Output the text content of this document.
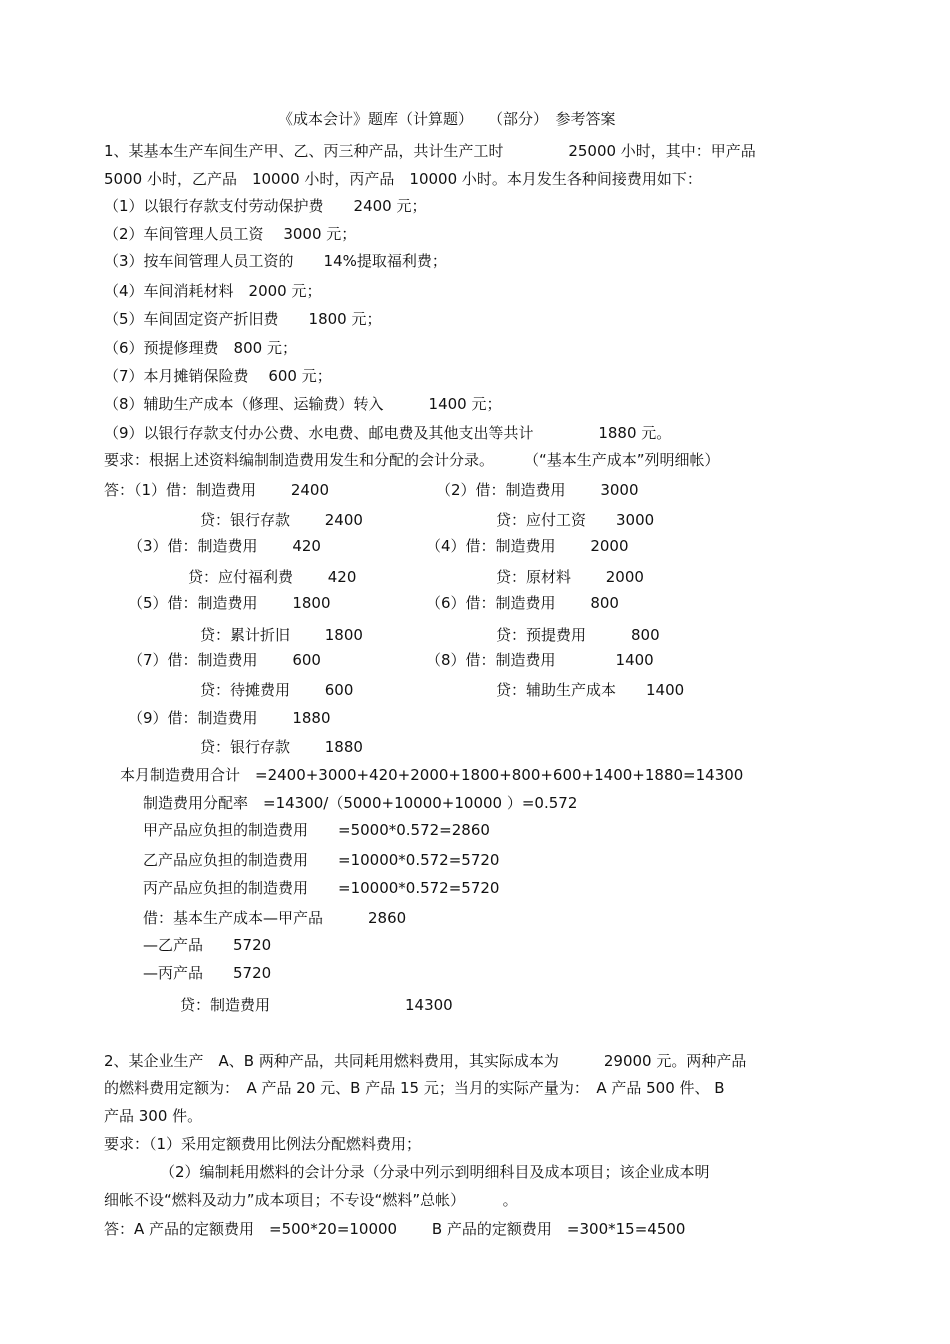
《成本会计》题库（计算题）　　（部分）　参考答案
1、某基本生产车间生产甲、乙、丙三种产品，共计生产工时　　　　 25000 小时，其中：甲产品
5000 小时，乙产品　10000 小时，丙产品　10000 小时。本月发生各种间接费用如下：
（1）以银行存款支付劳动保护费　　2400 元；
（2）车间管理人员工资　 3000 元；
（3）按车间管理人员工资的　　14%提取福利费；
（4）车间消耗材料　2000 元；
（5）车间固定资产折旧费　　1800 元；
（6）预提修理费　800 元；
（7）本月摊销保险费　 600 元；
（8）辅助生产成本（修理、运输费）转入　　　1400 元；
（9）以银行存款支付办公费、水电费、邮电费及其他支出等共计　　　　 1880 元。
要求：根据上述资料编制制造费用发生和分配的会计分录。　　　（“基本生产成本”列明细帐）
答：（1）借：制造费用　　 2400	（2）借：制造费用　　 3000
贷：银行存款　　 2400	贷：应付工资　　3000
（3）借：制造费用　　 420	（4）借：制造费用　　 2000
贷：应付福利费　　 420	贷：原材料　　 2000
（5）借：制造费用　　 1800	（6）借：制造费用　　 800
贷：累计折旧　　 1800	贷：预提费用　　　800
（7）借：制造费用　　 600	（8）借：制造费用　　　　1400
贷：待摊费用　　 600	贷：辅助生产成本　　1400
（9）借：制造费用　　 1880
贷：银行存款　　 1880
本月制造费用合计　=2400+3000+420+2000+1800+800+600+1400+1880=14300
制造费用分配率　=14300/（5000+10000+10000 ）=0.572
甲产品应负担的制造费用　　=5000*0.572=2860
乙产品应负担的制造费用　　=10000*0.572=5720
丙产品应负担的制造费用　　=10000*0.572=5720
借：基本生产成本—甲产品　　　2860
—乙产品　　5720
—丙产品　　5720
贷：制造费用　　　　　　　　　14300
2、某企业生产　A、B 两种产品，共同耗用燃料费用，其实际成本为　　　29000 元。两种产品
的燃料费用定额为：　A 产品 20 元、B 产品 15 元；当月的实际产量为：　A 产品 500 件、 B
产品 300 件。
要求：（1）采用定额费用比例法分配燃料费用；
（2）编制耗用燃料的会计分录（分录中列示到明细科目及成本项目；该企业成本明
细帐不设“燃料及动力”成本项目；不专设“燃料”总帐）　　　。
答：A 产品的定额费用　=500*20=10000　　 B 产品的定额费用　=300*15=4500
